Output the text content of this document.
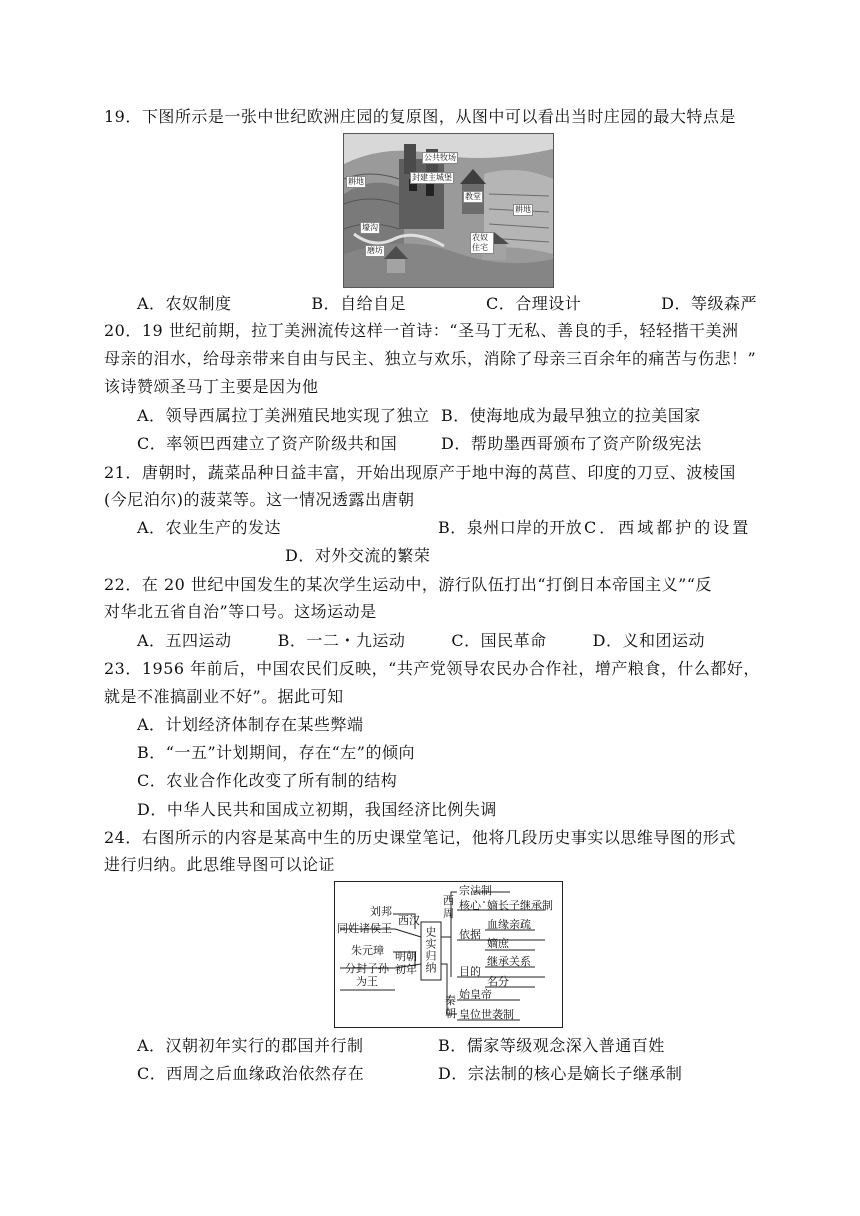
19．下图所示是一张中世纪欧洲庄园的复原图，从图中可以看出当时庄园的最大特点是
公共牧场
封建主城堡
耕地
教堂
耕地
壕沟
农奴住宅
磨坊
A．农奴制度	B．自给自足	C．合理设计	D．等级森严
20．19 世纪前期，拉丁美洲流传这样一首诗：“圣马丁无私、善良的手，轻轻揩干美洲
母亲的泪水，给母亲带来自由与民主、独立与欢乐，消除了母亲三百余年的痛苦与伤悲！”
该诗赞颂圣马丁主要是因为他
A．领导西属拉丁美洲殖民地实现了独立 B．使海地成为最早独立的拉美国家
C．率领巴西建立了资产阶级共和国	D．帮助墨西哥颁布了资产阶级宪法
21．唐朝时，蔬菜品种日益丰富，开始出现原产于地中海的莴苣、印度的刀豆、波棱国
(今尼泊尔)的菠菜等。这一情况透露出唐朝
A．农业生产的发达	B．泉州口岸的开放 C．西域都护的设置
D．对外交流的繁荣
22．在 20 世纪中国发生的某次学生运动中，游行队伍打出“打倒日本帝国主义”“反
对华北五省自治”等口号。这场运动是
A．五四运动	B．一二・九运动	C．国民革命	D．义和团运动
23．1956 年前后，中国农民们反映，“共产党领导农民办合作社，增产粮食，什么都好，
就是不准搞副业不好”。据此可知
A．计划经济体制存在某些弊端
B．“一五”计划期间，存在“左”的倾向
C．农业合作化改变了所有制的结构
D．中华人民共和国成立初期，我国经济比例失调
24．右图所示的内容是某高中生的历史课堂笔记，他将几段历史事实以思维导图的形式
进行归纳。此思维导图可以论证
刘邦
西汉
同姓诸侯王
朱元璋 明朝初年
分封子孙为王
史实归纳
西周
宗法制
核心 嫡长子继承制
依据
血缘亲疏
嫡庶
目的
继承关系
名分
秦朝
始皇帝
皇位世袭制
A．汉朝初年实行的郡国并行制	B．儒家等级观念深入普通百姓
C．西周之后血缘政治依然存在	D．宗法制的核心是嫡长子继承制
